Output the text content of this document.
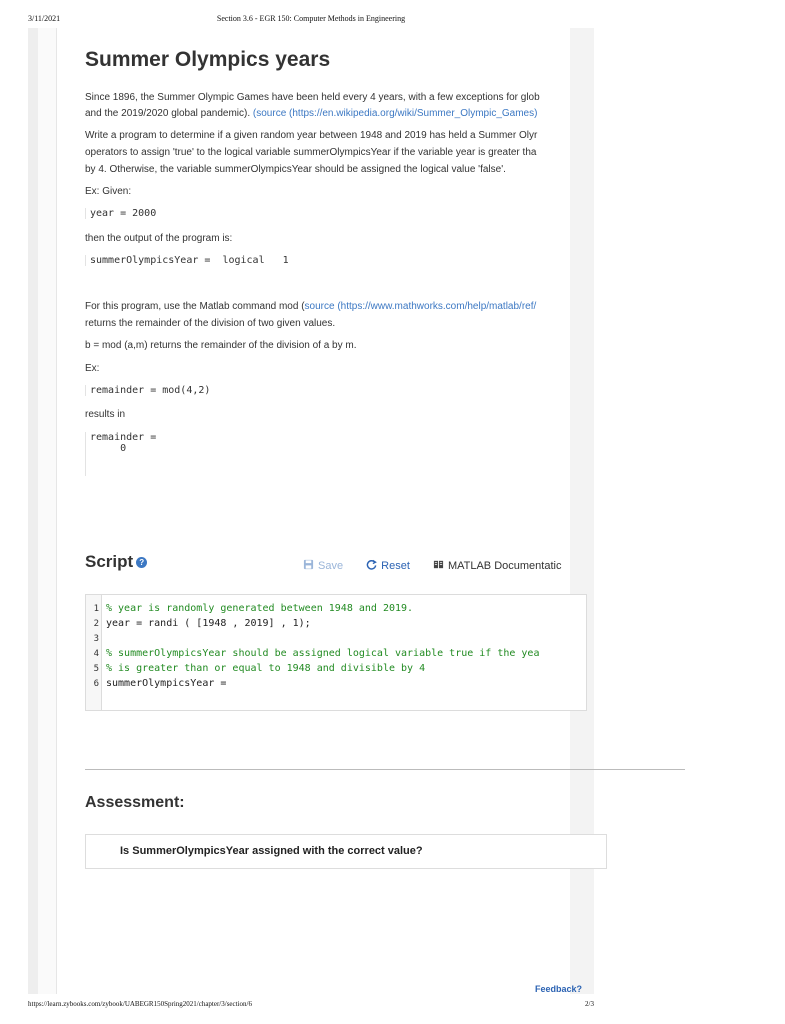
3/11/2021	Section 3.6 - EGR 150: Computer Methods in Engineering
Summer Olympics years
Since 1896, the Summer Olympic Games have been held every 4 years, with a few exceptions for glob
and the 2019/2020 global pandemic). (source (https://en.wikipedia.org/wiki/Summer_Olympic_Games)
Write a program to determine if a given random year between 1948 and 2019 has held a Summer Olyr
operators to assign 'true' to the logical variable summerOlympicsYear if the variable year is greater tha
by 4. Otherwise, the variable summerOlympicsYear should be assigned the logical value 'false'.
Ex: Given:
year = 2000
then the output of the program is:
summerOlympicsYear =  logical   1
For this program, use the Matlab command mod (source (https://www.mathworks.com/help/matlab/ref/
returns the remainder of the division of two given values.
b = mod (a,m) returns the remainder of the division of a by m.
Ex:
remainder = mod(4,2)
results in
remainder =
0
Script ?	Save	Reset	MATLAB Documentatic
1 % year is randomly generated between 1948 and 2019.
2 year = randi ( [1948 , 2019] , 1);
3
4 % summerOlympicsYear should be assigned logical variable true if the yea
5 % is greater than or equal to 1948 and divisible by 4
6 summerOlympicsYear =
Assessment:
Is SummerOlympicsYear assigned with the correct value?
Feedback?
https://learn.zybooks.com/zybook/UABEGR150Spring2021/chapter/3/section/6	2/3
